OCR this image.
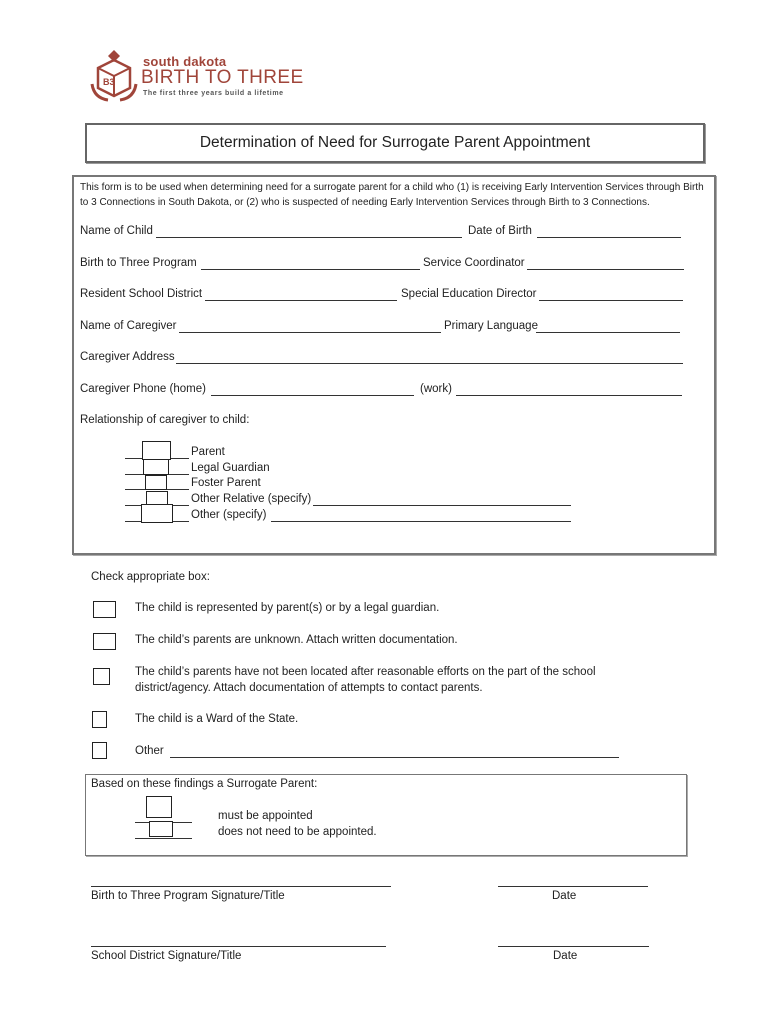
B3
south dakota
BIRTH TO THREE
The first three years build a lifetime
Determination of Need for Surrogate Parent Appointment
This form is to be used when determining need for a surrogate parent for a child who (1) is receiving Early Intervention Services through Birth to 3 Connections in South Dakota, or (2) who is suspected of needing Early Intervention Services through Birth to 3 Connections.
Name of Child	Date of Birth
Birth to Three Program	Service Coordinator
Resident School District	Special Education Director
Name of Caregiver	Primary Language
Caregiver Address
Caregiver Phone (home)	(work)
Relationship of caregiver to child:
Parent
Legal Guardian
Foster Parent
Other Relative (specify)
Other (specify)
Check appropriate box:
The child is represented by parent(s) or by a legal guardian.
The child’s parents are unknown. Attach written documentation.
The child’s parents have not been located after reasonable efforts on the part of the school
district/agency. Attach documentation of attempts to contact parents.
The child is a Ward of the State.
Other
Based on these findings a Surrogate Parent:
must be appointed
does not need to be appointed.
Birth to Three Program Signature/Title	Date
School District Signature/Title	Date
